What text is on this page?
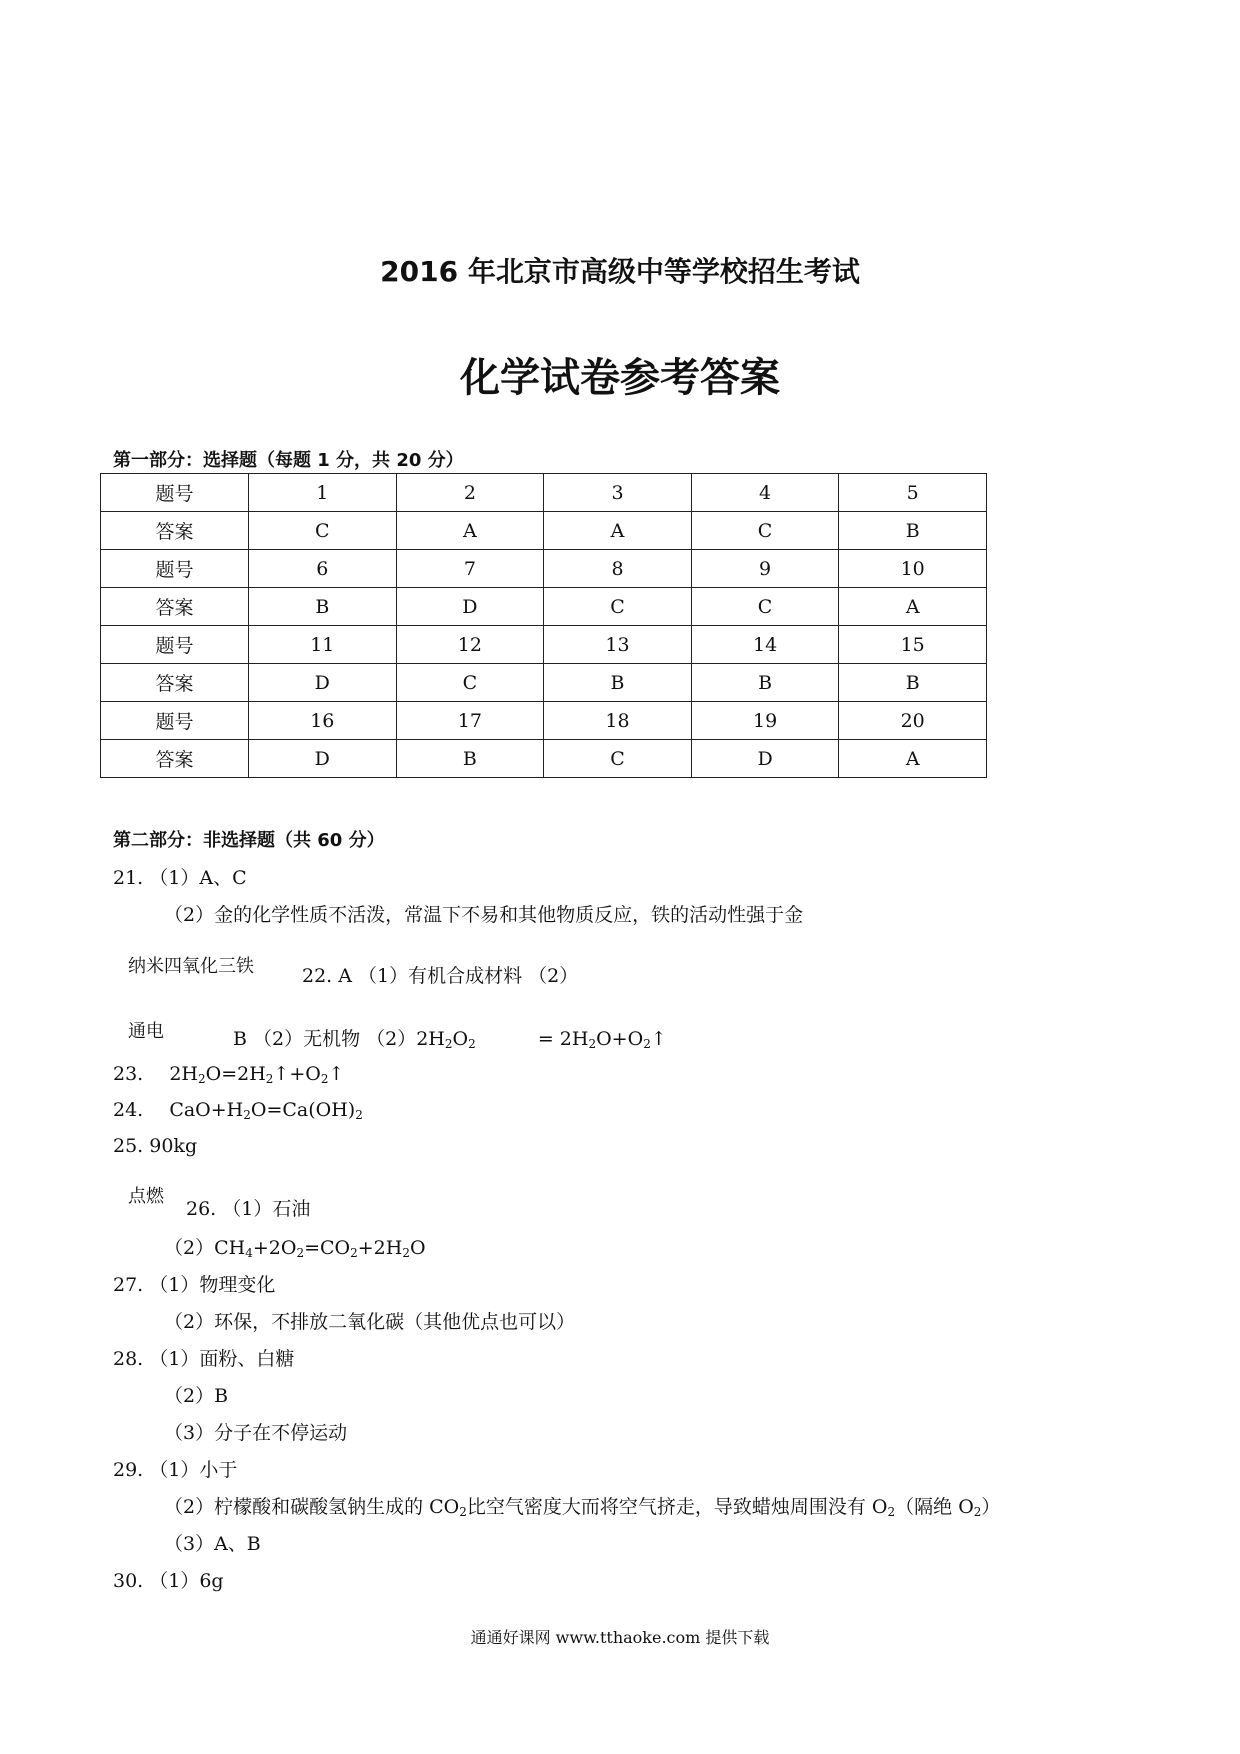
2016 年北京市高级中等学校招生考试
化学试卷参考答案
第一部分：选择题（每题 1 分，共 20 分）
题号	1	2	3	4	5
答案	C	A	A	C	B
题号	6	7	8	9	10
答案	B	D	C	C	A
题号	11	12	13	14	15
答案	D	C	B	B	B
题号	16	17	18	19	20
答案	D	B	C	D	A
第二部分：非选择题（共 60 分）
21. （1）A、C
（2）金的化学性质不活泼，常温下不易和其他物质反应，铁的活动性强于金
纳米四氧化三铁	22. A （1）有机合成材料 （2）
通电	B （2）无机物 $(2)2H_2O_2$	= $2H_2O+O_2↑$
23. $2H_2O=2H_2↑+O_2↑$
24. $CaO+H_2O=Ca(OH)_2$
25. 90kg
点燃
26. （1）石油
$(2)CH_4+2O_2=CO_2+2H_2O$
27. （1）物理变化
（2）环保，不排放二氧化碳（其他优点也可以）
28. （1）面粉、白糖
（2）B
（3）分子在不停运动
29. （1）小于
（2）柠檬酸和碳酸氢钠生成的 $CO_2$比空气密度大而将空气挤走，导致蜡烛周围没有 $O_2$（隔绝 $O_2$）
（3）A、B
30. （1）6g
通通好课网 www.tthaoke.com 提供下载
